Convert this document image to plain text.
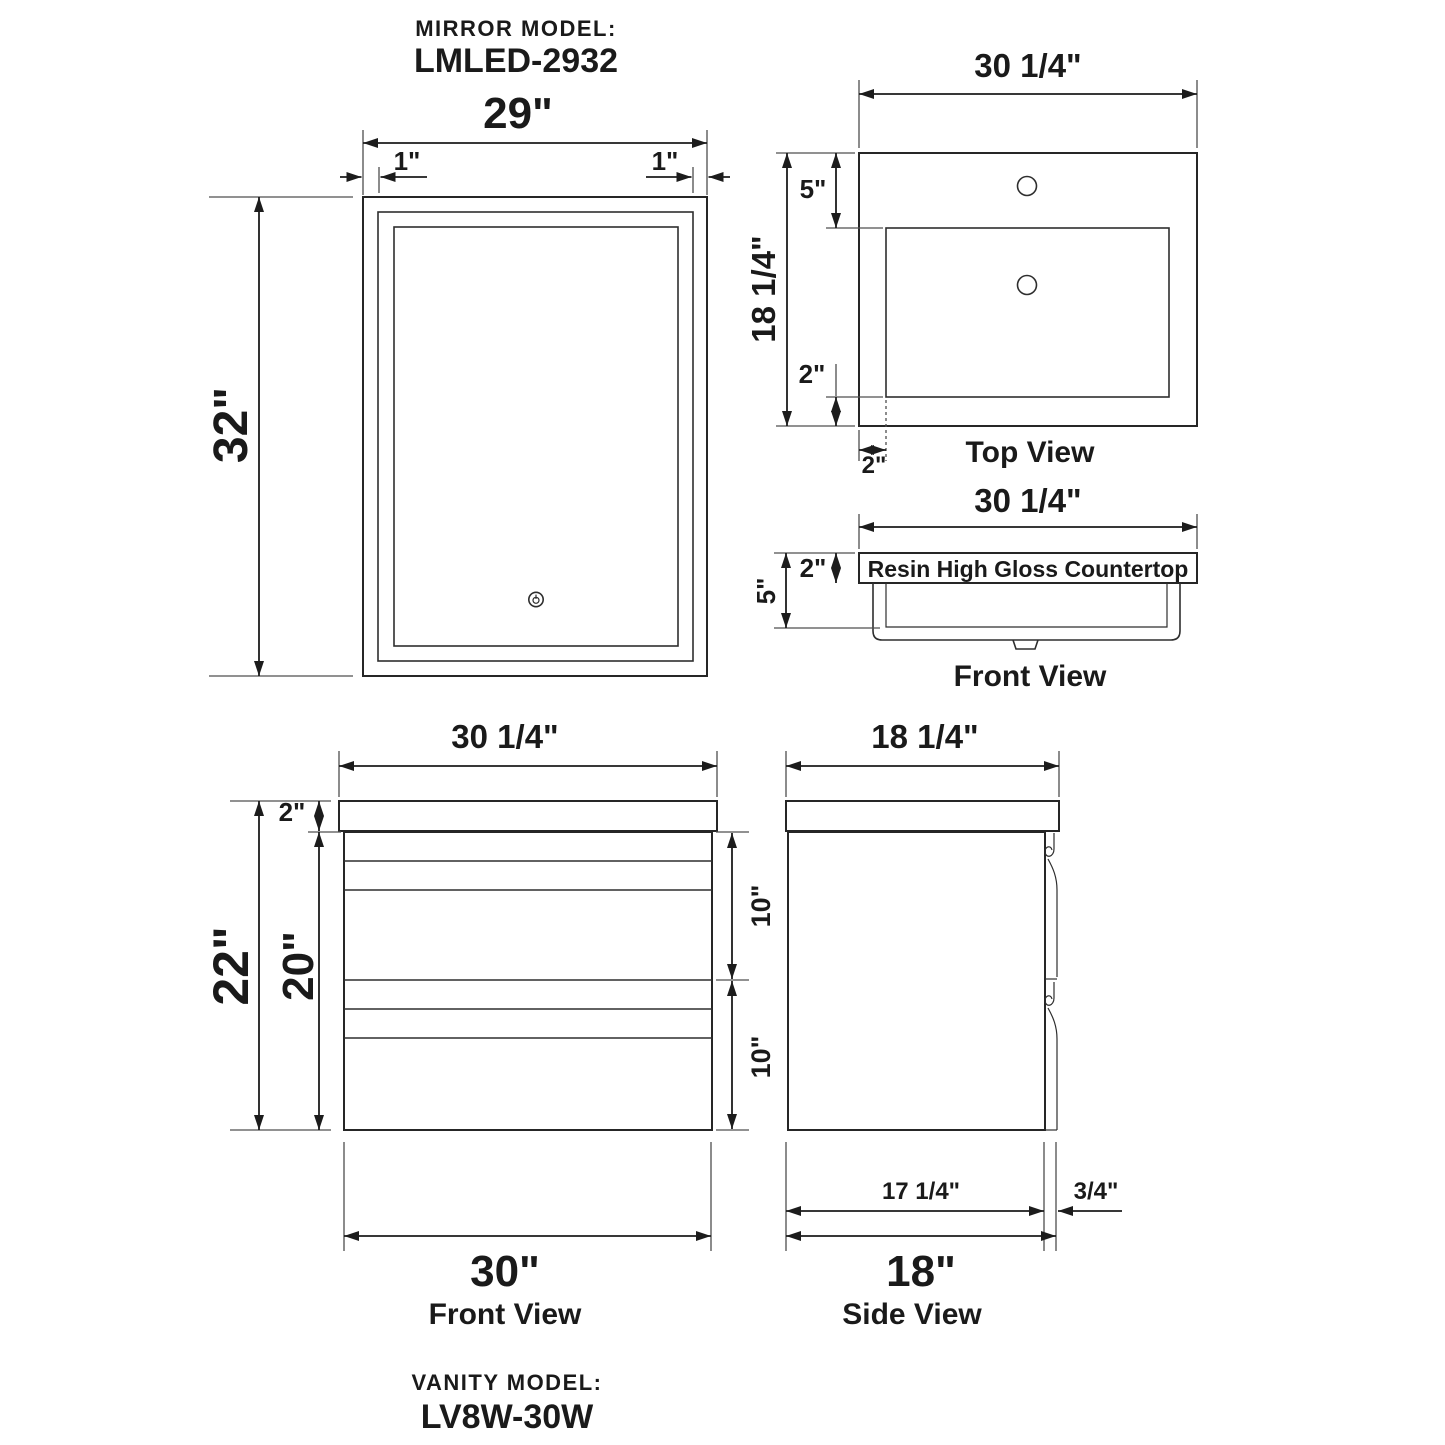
MIRROR MODEL:
LMLED-2932
29"
1"	1"
32"
30 1/4"
18 1/4"
5"
2"
2"	Top View
30 1/4"
Resin High Gloss Countertop
5"
2"
Front View
30 1/4"
22"
2"
20"
10"
10"
30"
Front View
VANITY MODEL:
LV8W-30W
18 1/4"
17 1/4"	3/4"
18"
Side View
